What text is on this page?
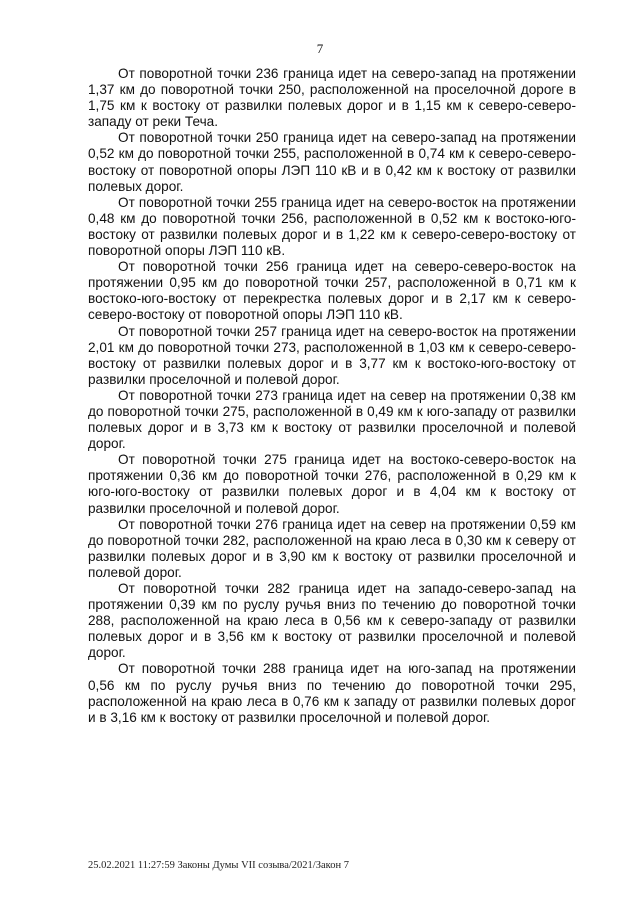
7

От поворотной точки 236 граница идет на северо-запад на протяжении 1,37 км до поворотной точки 250, расположенной на проселочной дороге в 1,75 км к востоку от развилки полевых дорог и в 1,15 км к северо-северо-западу от реки Теча.

От поворотной точки 250 граница идет на северо-запад на протяжении 0,52 км до поворотной точки 255, расположенной в 0,74 км к северо-северо-востоку от поворотной опоры ЛЭП 110 кВ и в 0,42 км к востоку от развилки полевых дорог.

От поворотной точки 255 граница идет на северо-восток на протяжении 0,48 км до поворотной точки 256, расположенной в 0,52 км к востоко-юго-востоку от развилки полевых дорог и в 1,22 км к северо-северо-востоку от поворотной опоры ЛЭП 110 кВ.

От поворотной точки 256 граница идет на северо-северо-восток на протяжении 0,95 км до поворотной точки 257, расположенной в 0,71 км к востоко-юго-востоку от перекрестка полевых дорог и в 2,17 км к северо-северо-востоку от поворотной опоры ЛЭП 110 кВ.

От поворотной точки 257 граница идет на северо-восток на протяжении 2,01 км до поворотной точки 273, расположенной в 1,03 км к северо-северо-востоку от развилки полевых дорог и в 3,77 км к востоко-юго-востоку от развилки проселочной и полевой дорог.

От поворотной точки 273 граница идет на север на протяжении 0,38 км до поворотной точки 275, расположенной в 0,49 км к юго-западу от развилки полевых дорог и в 3,73 км к востоку от развилки проселочной и полевой дорог.

От поворотной точки 275 граница идет на востоко-северо-восток на протяжении 0,36 км до поворотной точки 276, расположенной в 0,29 км к юго-юго-востоку от развилки полевых дорог и в 4,04 км к востоку от развилки проселочной и полевой дорог.

От поворотной точки 276 граница идет на север на протяжении 0,59 км до поворотной точки 282, расположенной на краю леса в 0,30 км к северу от развилки полевых дорог и в 3,90 км к востоку от развилки проселочной и полевой дорог.

От поворотной точки 282 граница идет на западо-северо-запад на протяжении 0,39 км по руслу ручья вниз по течению до поворотной точки 288, расположенной на краю леса в 0,56 км к северо-западу от развилки полевых дорог и в 3,56 км к востоку от развилки проселочной и полевой дорог.

От поворотной точки 288 граница идет на юго-запад на протяжении 0,56 км по руслу ручья вниз по течению до поворотной точки 295, расположенной на краю леса в 0,76 км к западу от развилки полевых дорог и в 3,16 км к востоку от развилки проселочной и полевой дорог.

25.02.2021 11:27:59 Законы Думы VII созыва/2021/Закон 7
